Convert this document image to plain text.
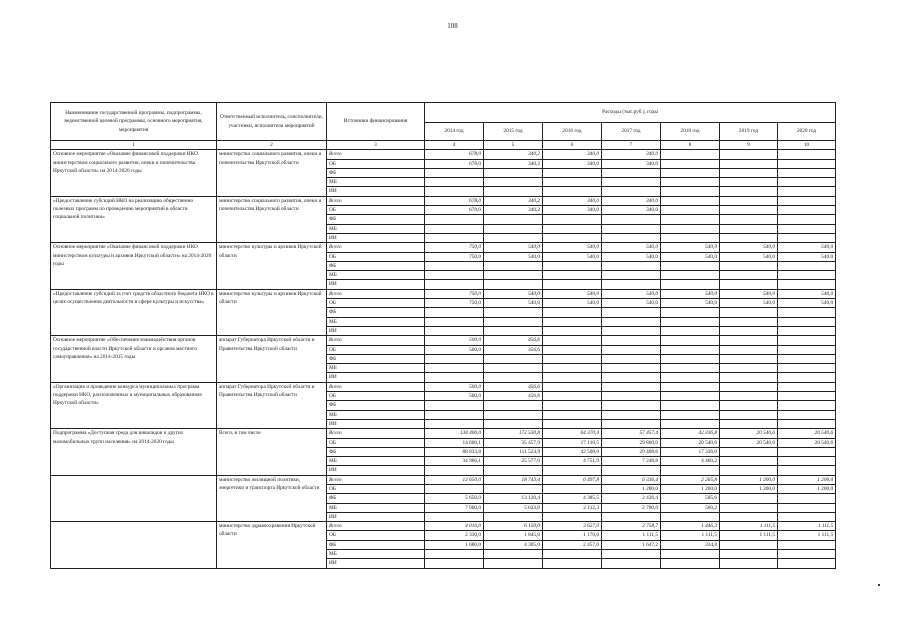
108
Наименование государственной программы, подпрограммы, ведомственной целевой программы, основного мероприятия, мероприятия	Ответственный исполнитель, соисполнители, участники, исполнители мероприятий	Источники финансирования	Расходы (тыс.руб.), годы						
			2014 год	2015 год	2016 год	2017 год	2018 год	2019 год	2020 год
1	2	3	4	5	6	7	8	9	10
Основное мероприятие «Оказание финансовой поддержки НКО министерством социального развития, опеки и попечительства Иркутской области» на 2014-2020 годы	министерство социального развития, опеки и попечительства Иркутской области	Всего	678,0	340,2	340,0	340,0			
		ОБ	678,0	340,2	340,0	340,0			
		ФБ							
		МБ							
		ИИ							
«Предоставление субсидий НКО на реализацию общественно полезных программ по проведению мероприятий в области социальной политики»	министерство социального развития, опеки и попечительства Иркутской области	Всего	678,0	340,2	340,0	340,0			
		ОБ	678,0	340,2	340,0	340,0			
		ФБ							
		МБ							
		ИИ							
Основное мероприятие «Оказание финансовой поддержки НКО министерством культуры и архивов Иркутской области» на 2014-2020 годы	министерство культуры и архивов Иркутской области	Всего	750,0	540,0	540,0	540,0	540,0	540,0	540,0
		ОБ	750,0	540,0	540,0	540,0	540,0	540,0	540,0
		ФБ							
		МБ							
		ИИ							
«Предоставление субсидий за счет средств областного бюджета НКО в целях осуществления деятельности в сфере культуры и искусства»	министерство культуры и архивов Иркутской области	Всего	750,0	540,0	540,0	540,0	540,0	540,0	540,0
		ОБ	750,0	540,0	540,0	540,0	540,0	540,0	540,0
		ФБ							
		МБ							
		ИИ							
Основное мероприятие «Обеспечение взаимодействия органов государственной власти Иркутской области и органов местного самоуправления» на 2014-2015 годы	аппарат Губернатора Иркутской области и Правительства Иркутской области	Всего	500,0	456,6					
		ОБ	500,0	456,6					
		ФБ							
		МБ							
		ИИ							
«Организация и проведение конкурса муниципальных программ поддержки НКО, расположенных в муниципальных образованиях Иркутской области»	аппарат Губернатора Иркутской области и Правительства Иркутской области	Всего	500,0	456,6					
		ОБ	500,0	456,6					
		ФБ							
		МБ							
		ИИ							
Подпрограмма «Доступная среда для инвалидов и других маломобильных групп населения» на 2014-2020 годы	Всего, в том числе	Всего	138 400,0	172 530,8	64 370,4	57 457,4	42 336,8	20 540,6	20 540,6
		ОБ	14 600,1	35 457,9	17 110,5	29 800,0	20 540,6	20 540,6	20 540,6
		ФБ	88 833,8	111 524,9	42 508,0	29 408,6	17 336,0		
		МБ	34 966,1	25 577,0	4 751,9	7 248,8	4 460,2		
		ИИ							
	министерство жилищной политики, энергетики и транспорта Иркутской области	Всего	12 650,0	18 743,4	6 497,8	6 336,4	2 265,8	1 200,0	1 200,0
		ОБ				1 200,0	1 200,0	1 200,0	1 200,0
		ФБ	5 650,0	13 120,4	4 385,5	2 436,4	505,6		
		МБ	7 000,0	5 623,0	2 112,3	2 700,0	560,2		
		ИИ							
	министерство здравоохранения Иркутской области	Всего	4 010,0	6 150,0	3 627,0	2 758,7	1 446,3	1 111,5	1 111,5
		ОБ	2 330,0	1 845,0	1 170,0	1 111,5	1 111,5	1 111,5	1 111,5
		ФБ	1 680,0	4 305,0	2 457,0	1 647,2	334,8		
		МБ							
		ИИ							
